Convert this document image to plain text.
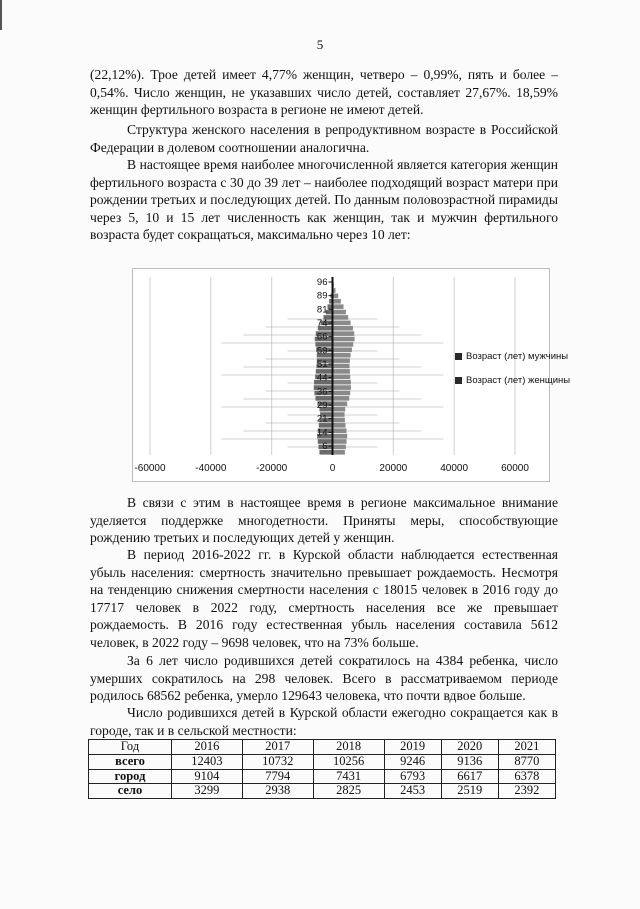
5

(22,12%). Трое детей имеет 4,77% женщин, четверо – 0,99%, пять и более – 0,54%. Число женщин, не указавших число детей, составляет 27,67%. 18,59% женщин фертильного возраста в регионе не имеют детей.

Структура женского населения в репродуктивном возрасте в Российской Федерации в долевом соотношении аналогична.

В настоящее время наиболее многочисленной является категория женщин фертильного возраста с 30 до 39 лет – наиболее подходящий возраст матери при рождении третьих и последующих детей. По данным половозрастной пирамиды через 5, 10 и 15 лет численность как женщин, так и мужчин фертильного возраста будет сокращаться, максимально через 10 лет:

-60000	-40000	-20000	0	20000	40000	60000
96
89
81
74
66
59
51
44
36
29
21
14
6
Возраст (лет) мужчины
Возраст (лет) женщины

В связи с этим в настоящее время в регионе максимальное внимание уделяется поддержке многодетности. Приняты меры, способствующие рождению третьих и последующих детей у женщин.

В период 2016-2022 гг. в Курской области наблюдается естественная убыль населения: смертность значительно превышает рождаемость. Несмотря на тенденцию снижения смертности населения с 18015 человек в 2016 году до 17717 человек в 2022 году, смертность населения все же превышает рождаемость. В 2016 году естественная убыль населения составила 5612 человек, в 2022 году – 9698 человек, что на 73% больше.

За 6 лет число родившихся детей сократилось на 4384 ребенка, число умерших сократилось на 298 человек. Всего в рассматриваемом периоде родилось 68562 ребенка, умерло 129643 человека, что почти вдвое больше.

Число родившихся детей в Курской области ежегодно сокращается как в городе, так и в сельской местности:

Год	2016	2017	2018	2019	2020	2021
всего	12403	10732	10256	9246	9136	8770
город	9104	7794	7431	6793	6617	6378
село	3299	2938	2825	2453	2519	2392
